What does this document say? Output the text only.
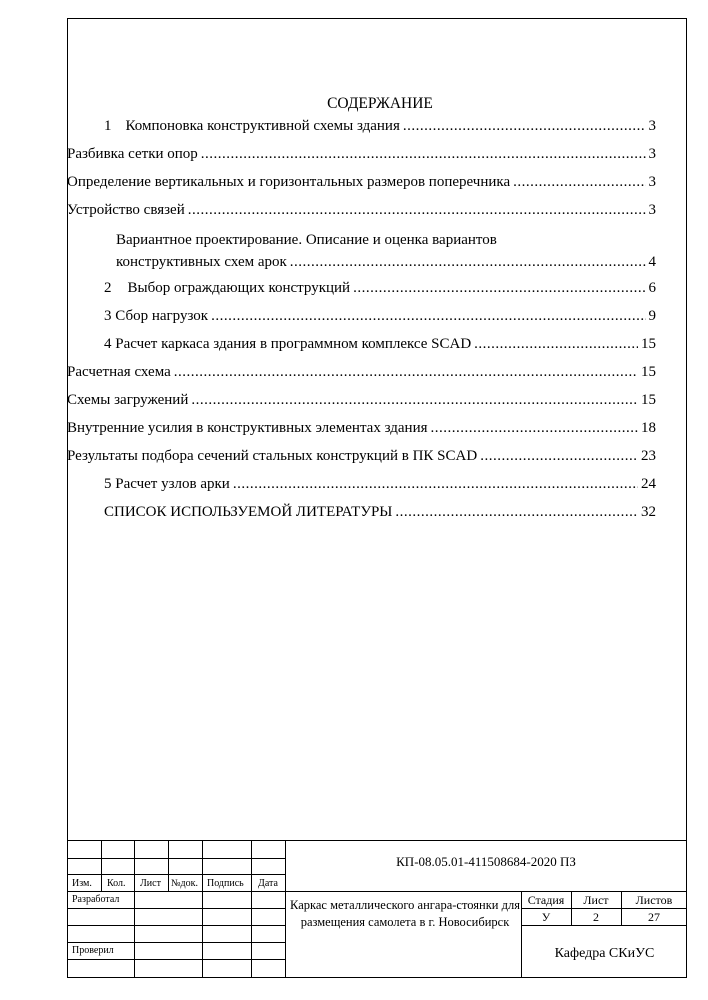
СОДЕРЖАНИЕ
1 Компоновка конструктивной схемы здания .....	3
Разбивка сетки опор .....	3
Определение вертикальных и горизонтальных размеров поперечника .....	3
Устройство связей .....	3
Вариантное проектирование. Описание и оценка вариантов
конструктивных схем арок .....	4
2 Выбор ограждающих конструкций .....	6
3 Сбор нагрузок .....	9
4 Расчет каркаса здания в программном комплексе SCAD .....	15
Расчетная схема .....	15
Схемы загружений .....	15
Внутренние усилия в конструктивных элементах здания .....	18
Результаты подбора сечений стальных конструкций в ПК SCAD .....	23
5 Расчет узлов арки .....	24
СПИСОК ИСПОЛЬЗУЕМОЙ ЛИТЕРАТУРЫ .....	32
Изм. Кол. Лист №док. Подпись Дата
Разработал
Проверил
КП-08.05.01-411508684-2020 ПЗ
Каркас металлического ангара-стоянки для размещения самолета в г. Новосибирск
Стадия	Лист	Листов
У	2	27
Кафедра СКиУС
